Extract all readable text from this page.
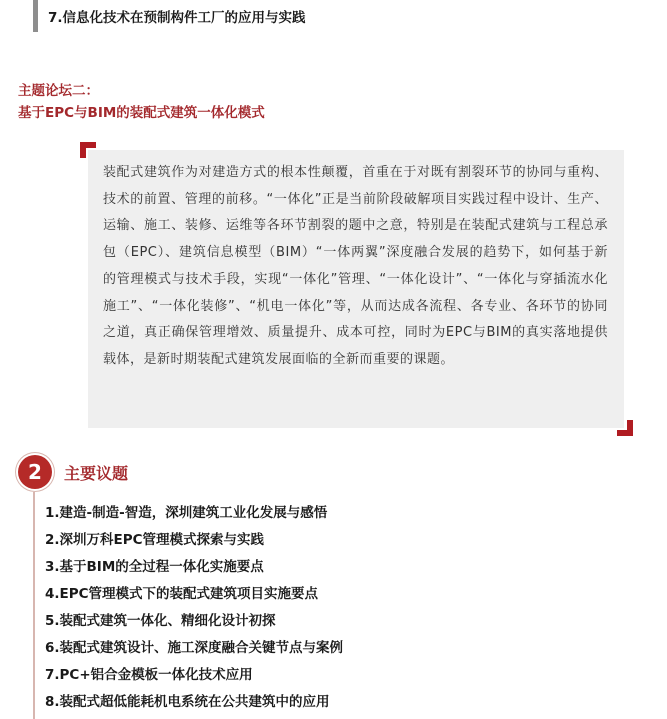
7.信息化技术在预制构件工厂的应用与实践
主题论坛二：
基于EPC与BIM的装配式建筑一体化模式

装配式建筑作为对建造方式的根本性颠覆，首重在于对既有割裂环节的协同与重构、技术的前置、管理的前移。“一体化”正是当前阶段破解项目实践过程中设计、生产、运输、施工、装修、运维等各环节割裂的题中之意，特别是在装配式建筑与工程总承包（EPC）、建筑信息模型（BIM）“一体两翼”深度融合发展的趋势下，如何基于新的管理模式与技术手段，实现“一体化”管理、“一体化设计”、“一体化与穿插流水化施工”、“一体化装修”、“机电一体化”等，从而达成各流程、各专业、各环节的协同之道，真正确保管理增效、质量提升、成本可控，同时为EPC与BIM的真实落地提供载体，是新时期装配式建筑发展面临的全新而重要的课题。

2	主要议题
1.建造-制造-智造，深圳建筑工业化发展与感悟
2.深圳万科EPC管理模式探索与实践
3.基于BIM的全过程一体化实施要点
4.EPC管理模式下的装配式建筑项目实施要点
5.装配式建筑一体化、精细化设计初探
6.装配式建筑设计、施工深度融合关键节点与案例
7.PC+铝合金模板一体化技术应用
8.装配式超低能耗机电系统在公共建筑中的应用
